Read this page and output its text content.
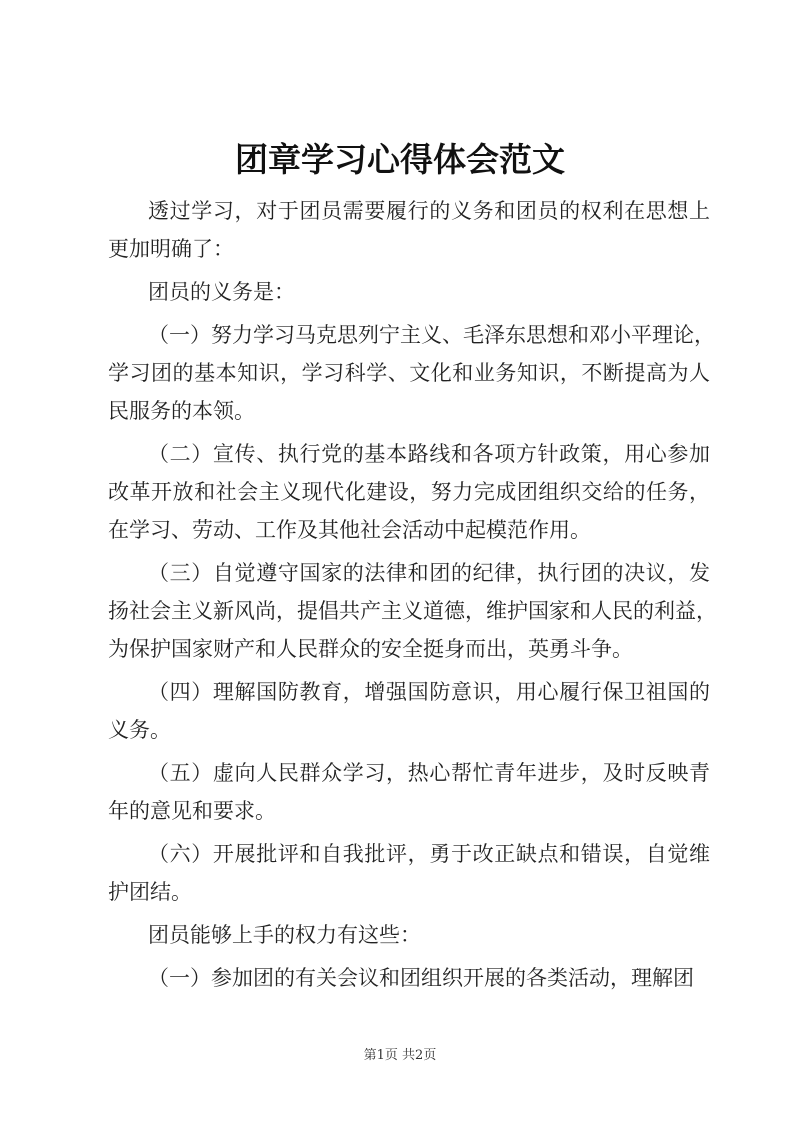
团章学习心得体会范文
透过学习，对于团员需要履行的义务和团员的权利在思想上
更加明确了：
团员的义务是：
（一）努力学习马克思列宁主义、毛泽东思想和邓小平理论，
学习团的基本知识，学习科学、文化和业务知识，不断提高为人
民服务的本领。
（二）宣传、执行党的基本路线和各项方针政策，用心参加
改革开放和社会主义现代化建设，努力完成团组织交给的任务，
在学习、劳动、工作及其他社会活动中起模范作用。
（三）自觉遵守国家的法律和团的纪律，执行团的决议，发
扬社会主义新风尚，提倡共产主义道德，维护国家和人民的利益，
为保护国家财产和人民群众的安全挺身而出，英勇斗争。
（四）理解国防教育，增强国防意识，用心履行保卫祖国的
义务。
（五）虚向人民群众学习，热心帮忙青年进步，及时反映青
年的意见和要求。
（六）开展批评和自我批评，勇于改正缺点和错误，自觉维
护团结。
团员能够上手的权力有这些：
（一）参加团的有关会议和团组织开展的各类活动，理解团
第1页 共2页
